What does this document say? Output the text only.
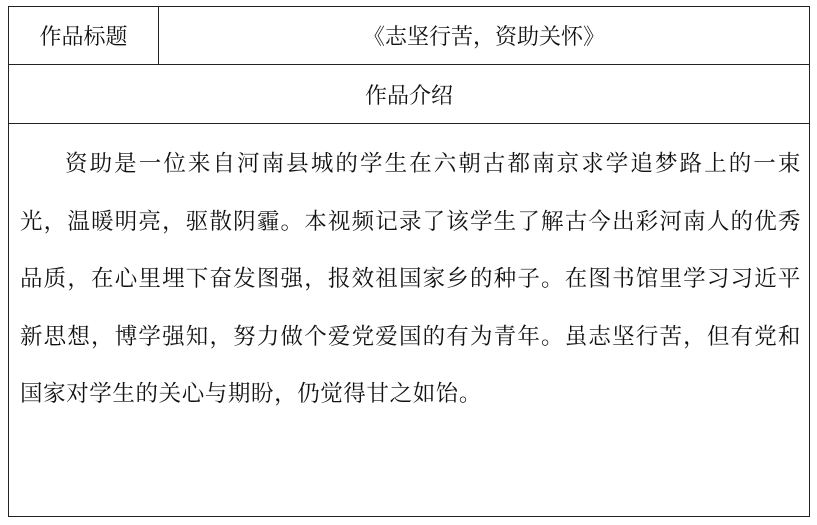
作品标题	《志坚行苦，资助关怀》
作品介绍

资助是一位来自河南县城的学生在六朝古都南京求学追梦路上的一束光，温暖明亮，驱散阴霾。本视频记录了该学生了解古今出彩河南人的优秀品质，在心里埋下奋发图强，报效祖国家乡的种子。在图书馆里学习习近平新思想，博学强知，努力做个爱党爱国的有为青年。虽志坚行苦，但有党和国家对学生的关心与期盼，仍觉得甘之如饴。
